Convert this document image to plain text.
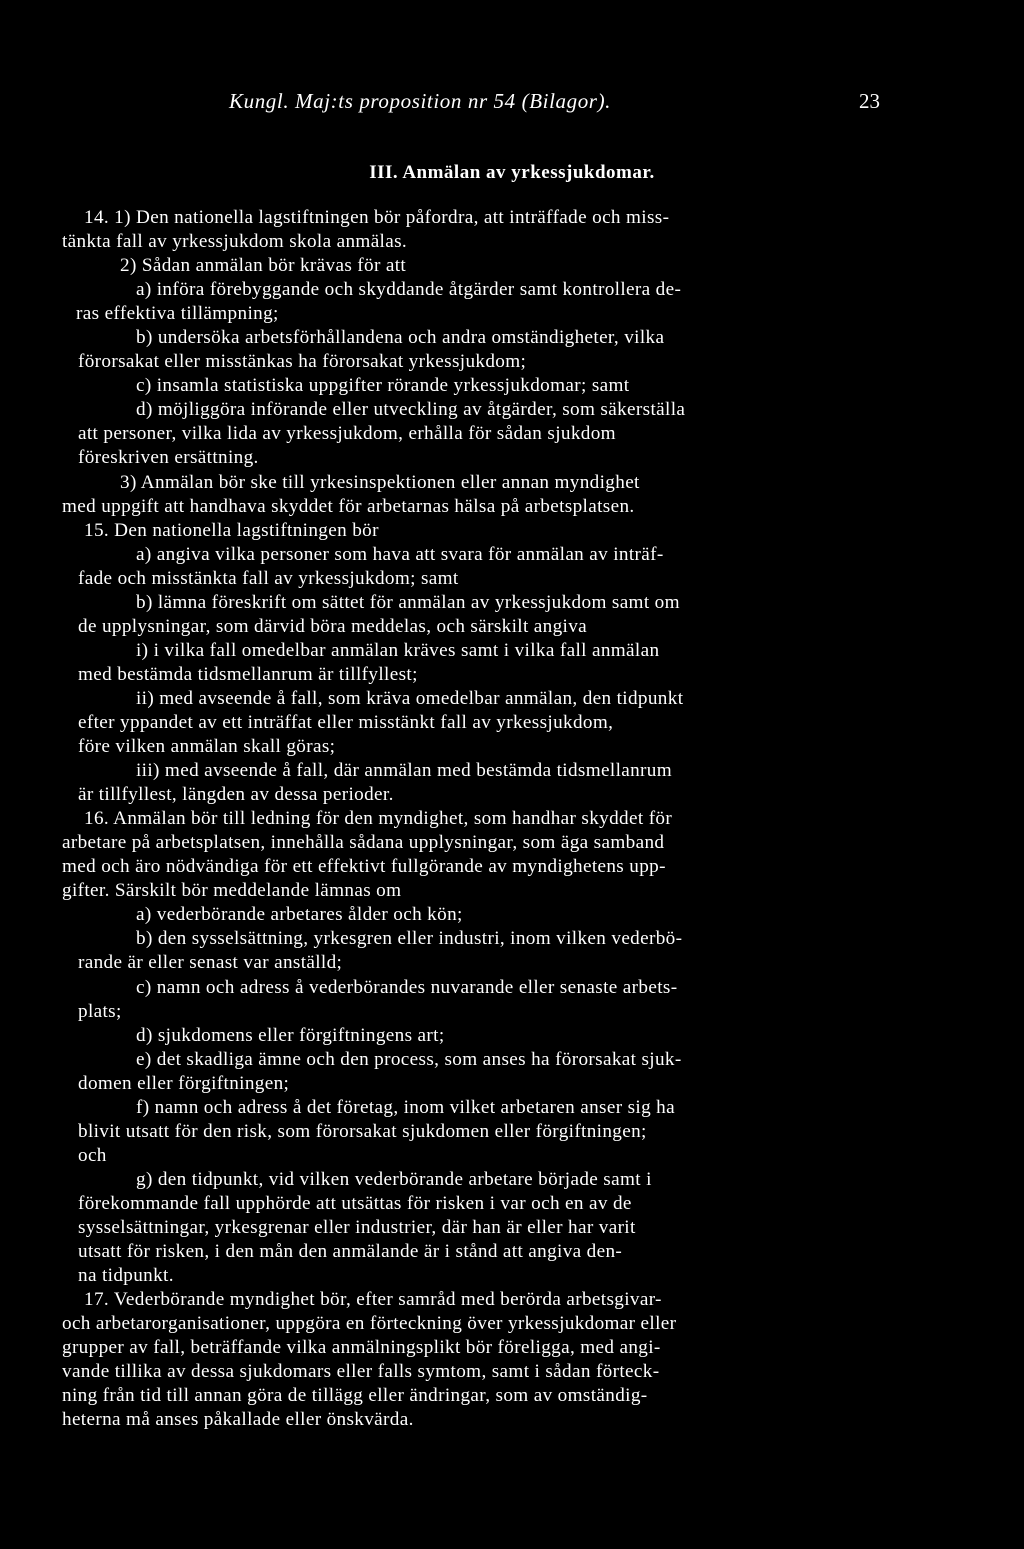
Kungl. Maj:ts proposition nr 54 (Bilagor).	23
III. Anmälan av yrkessjukdomar.
14. 1) Den nationella lagstiftningen bör påfordra, att inträffade och miss-
tänkta fall av yrkessjukdom skola anmälas.
2) Sådan anmälan bör krävas för att
a) införa förebyggande och skyddande åtgärder samt kontrollera de-
ras effektiva tillämpning;
b) undersöka arbetsförhållandena och andra omständigheter, vilka
förorsakat eller misstänkas ha förorsakat yrkessjukdom;
c) insamla statistiska uppgifter rörande yrkessjukdomar; samt
d) möjliggöra införande eller utveckling av åtgärder, som säkerställa
att personer, vilka lida av yrkessjukdom, erhålla för sådan sjukdom
föreskriven ersättning.
3) Anmälan bör ske till yrkesinspektionen eller annan myndighet
med uppgift att handhava skyddet för arbetarnas hälsa på arbetsplatsen.
15. Den nationella lagstiftningen bör
a) angiva vilka personer som hava att svara för anmälan av inträf-
fade och misstänkta fall av yrkessjukdom; samt
b) lämna föreskrift om sättet för anmälan av yrkessjukdom samt om
de upplysningar, som därvid böra meddelas, och särskilt angiva
i) i vilka fall omedelbar anmälan kräves samt i vilka fall anmälan
med bestämda tidsmellanrum är tillfyllest;
ii) med avseende å fall, som kräva omedelbar anmälan, den tidpunkt
efter yppandet av ett inträffat eller misstänkt fall av yrkessjukdom,
före vilken anmälan skall göras;
iii) med avseende å fall, där anmälan med bestämda tidsmellanrum
är tillfyllest, längden av dessa perioder.
16. Anmälan bör till ledning för den myndighet, som handhar skyddet för
arbetare på arbetsplatsen, innehålla sådana upplysningar, som äga samband
med och äro nödvändiga för ett effektivt fullgörande av myndighetens upp-
gifter. Särskilt bör meddelande lämnas om
a) vederbörande arbetares ålder och kön;
b) den sysselsättning, yrkesgren eller industri, inom vilken vederbö-
rande är eller senast var anställd;
c) namn och adress å vederbörandes nuvarande eller senaste arbets-
plats;
d) sjukdomens eller förgiftningens art;
e) det skadliga ämne och den process, som anses ha förorsakat sjuk-
domen eller förgiftningen;
f) namn och adress å det företag, inom vilket arbetaren anser sig ha
blivit utsatt för den risk, som förorsakat sjukdomen eller förgiftningen;
och
g) den tidpunkt, vid vilken vederbörande arbetare började samt i
förekommande fall upphörde att utsättas för risken i var och en av de
sysselsättningar, yrkesgrenar eller industrier, där han är eller har varit
utsatt för risken, i den mån den anmälande är i stånd att angiva den-
na tidpunkt.
17. Vederbörande myndighet bör, efter samråd med berörda arbetsgivar-
och arbetarorganisationer, uppgöra en förteckning över yrkessjukdomar eller
grupper av fall, beträffande vilka anmälningsplikt bör föreligga, med angi-
vande tillika av dessa sjukdomars eller falls symtom, samt i sådan förteck-
ning från tid till annan göra de tillägg eller ändringar, som av omständig-
heterna må anses påkallade eller önskvärda.
